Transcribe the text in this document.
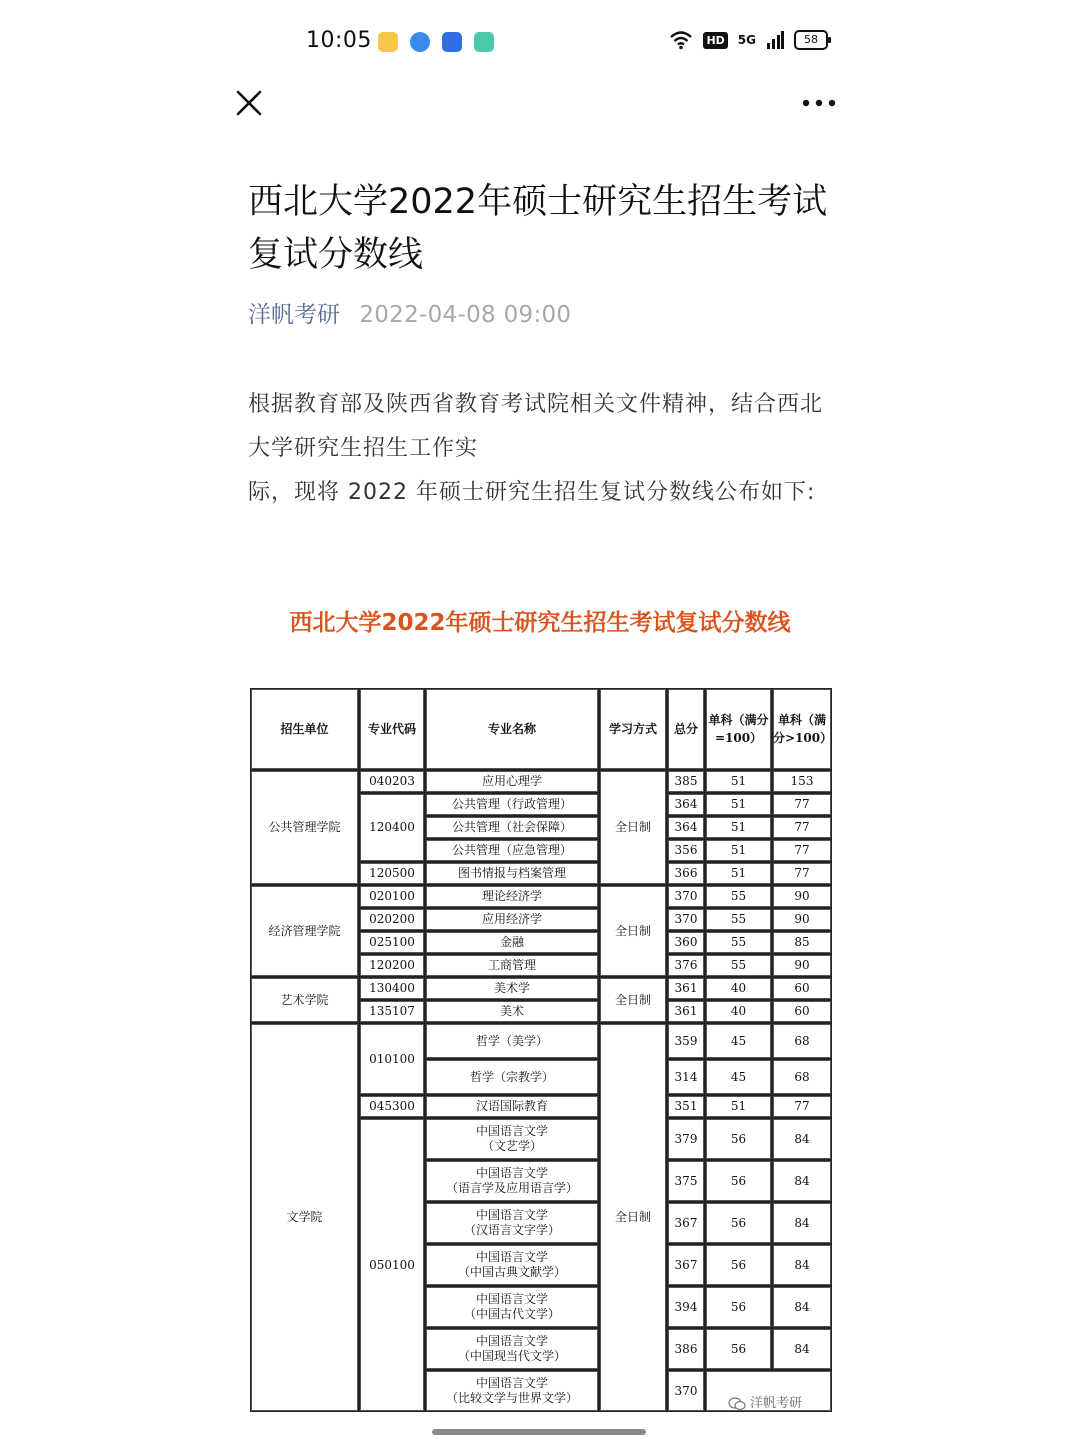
10:05	HD 5G	58
西北大学2022年硕士研究生招生考试复试分数线
洋帆考研 2022-04-08 09:00

根据教育部及陕西省教育考试院相关文件精神，结合西北大学研究生招生工作实

际，现将 2022 年硕士研究生招生复试分数线公布如下:

西北大学2022年硕士研究生招生考试复试分数线
招生单位	专业代码	专业名称	学习方式	总分	单科（满分=100）	单科（满分>100）
公共管理学院	040203	应用心理学	全日制	385	51	153
	120400	公共管理（行政管理）		364	51	77
		公共管理（社会保障）		364	51	77
		公共管理（应急管理）		356	51	77
	120500	图书情报与档案管理		366	51	77
经济管理学院	020100	理论经济学	全日制	370	55	90
	020200	应用经济学		370	55	90
	025100	金融		360	55	85
	120200	工商管理		376	55	90
艺术学院	130400	美术学	全日制	361	40	60
	135107	美术		361	40	60
文学院	010100	哲学（美学）	全日制	359	45	68
		哲学（宗教学）		314	45	68
	045300	汉语国际教育		351	51	77
	050100	中国语言文学
（文艺学）		379	56	84

		中国语言文学
（语言学及应用语言学）		375	56	84

		中国语言文学
（汉语言文字学）		367	56	84

		中国语言文学
（中国古典文献学）		367	56	84

		中国语言文学
（中国古代文学）		394	56	84

		中国语言文学
（中国现当代文学）		386	56	84

		中国语言文学
（比较文学与世界文学）		370		
洋帆考研
